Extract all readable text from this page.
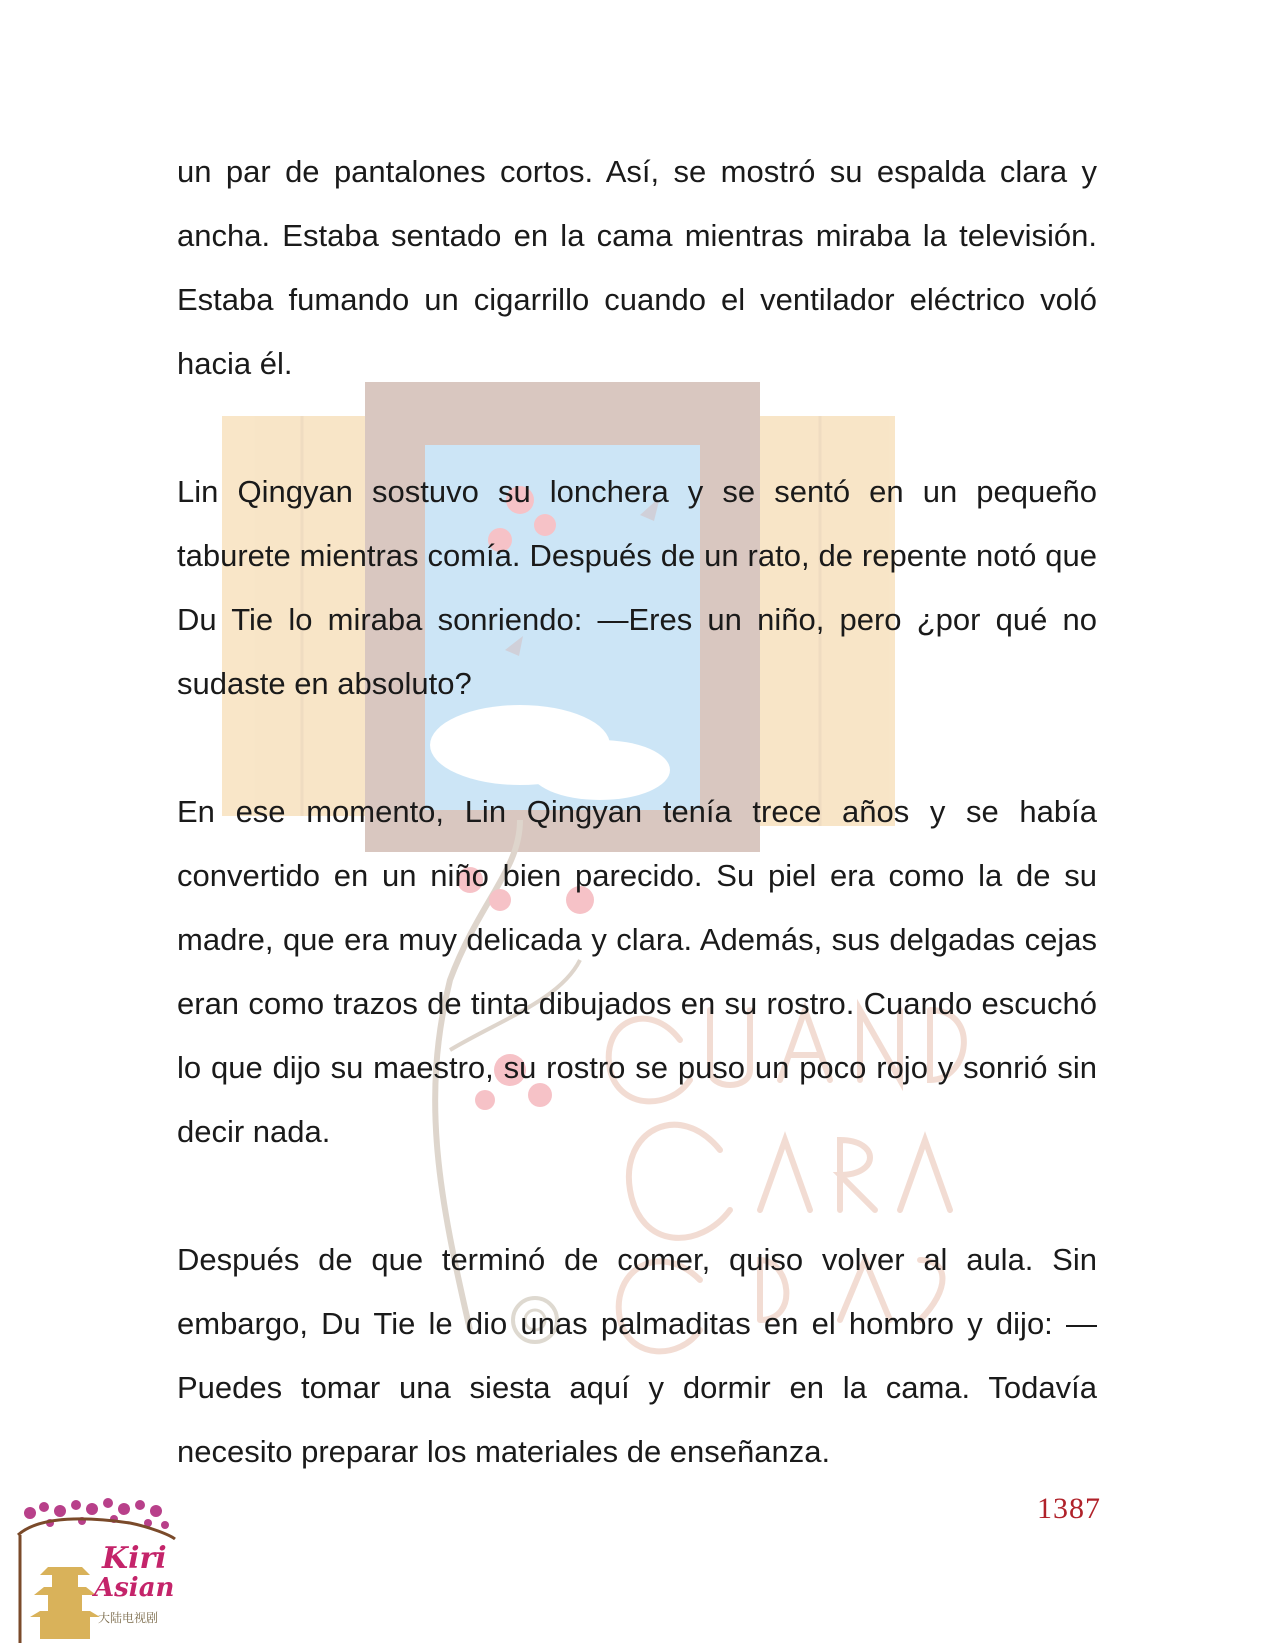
un par de pantalones cortos. Así, se mostró su espalda clara y ancha. Estaba sentado en la cama mientras miraba la televisión. Estaba fumando un cigarrillo cuando el ventilador eléctrico voló hacia él.

Lin Qingyan sostuvo su lonchera y se sentó en un pequeño taburete mientras comía. Después de un rato, de repente notó que Du Tie lo miraba sonriendo: —Eres un niño, pero ¿por qué no sudaste en absoluto?

En ese momento, Lin Qingyan tenía trece años y se había convertido en un niño bien parecido. Su piel era como la de su madre, que era muy delicada y clara. Además, sus delgadas cejas eran como trazos de tinta dibujados en su rostro. Cuando escuchó lo que dijo su maestro, su rostro se puso un poco rojo y sonrió sin decir nada.

Después de que terminó de comer, quiso volver al aula. Sin embargo, Du Tie le dio unas palmaditas en el hombro y dijo: —Puedes tomar una siesta aquí y dormir en la cama. Todavía necesito preparar los materiales de enseñanza.

1387
Kiri
Asian
大陆电视剧
